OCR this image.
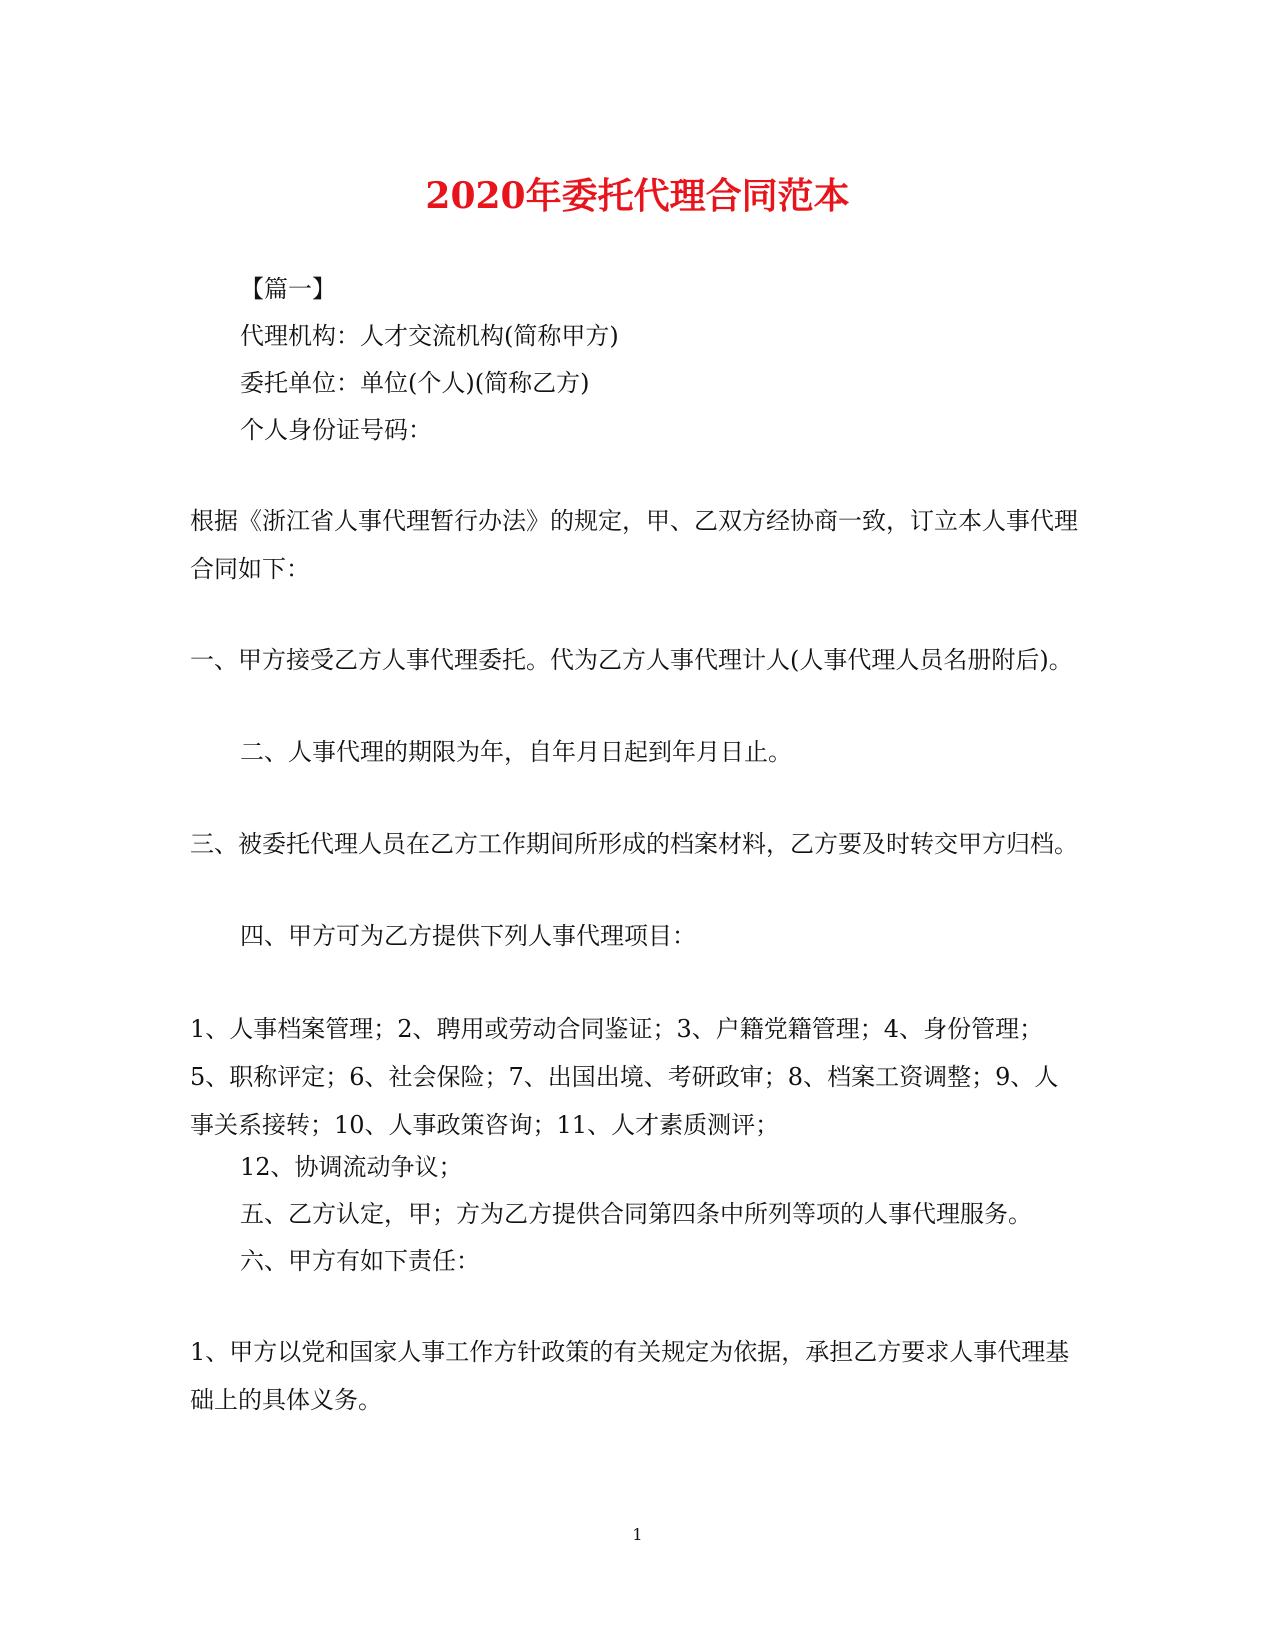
2020年委托代理合同范本

【篇一】

代理机构：人才交流机构(简称甲方)

委托单位：单位(个人)(简称乙方)

个人身份证号码：

根据《浙江省人事代理暂行办法》的规定，甲、乙双方经协商一致，订立本人事代理合同如下：

一、甲方接受乙方人事代理委托。代为乙方人事代理计人(人事代理人员名册附后)。

二、人事代理的期限为年，自年月日起到年月日止。

三、被委托代理人员在乙方工作期间所形成的档案材料，乙方要及时转交甲方归档。

四、甲方可为乙方提供下列人事代理项目：

1、人事档案管理；2、聘用或劳动合同鉴证；3、户籍党籍管理；4、身份管理；5、职称评定；6、社会保险；7、出国出境、考研政审；8、档案工资调整；9、人事关系接转；10、人事政策咨询；11、人才素质测评；

12、协调流动争议；

五、乙方认定，甲；方为乙方提供合同第四条中所列等项的人事代理服务。

六、甲方有如下责任：

1、甲方以党和国家人事工作方针政策的有关规定为依据，承担乙方要求人事代理基础上的具体义务。

1
